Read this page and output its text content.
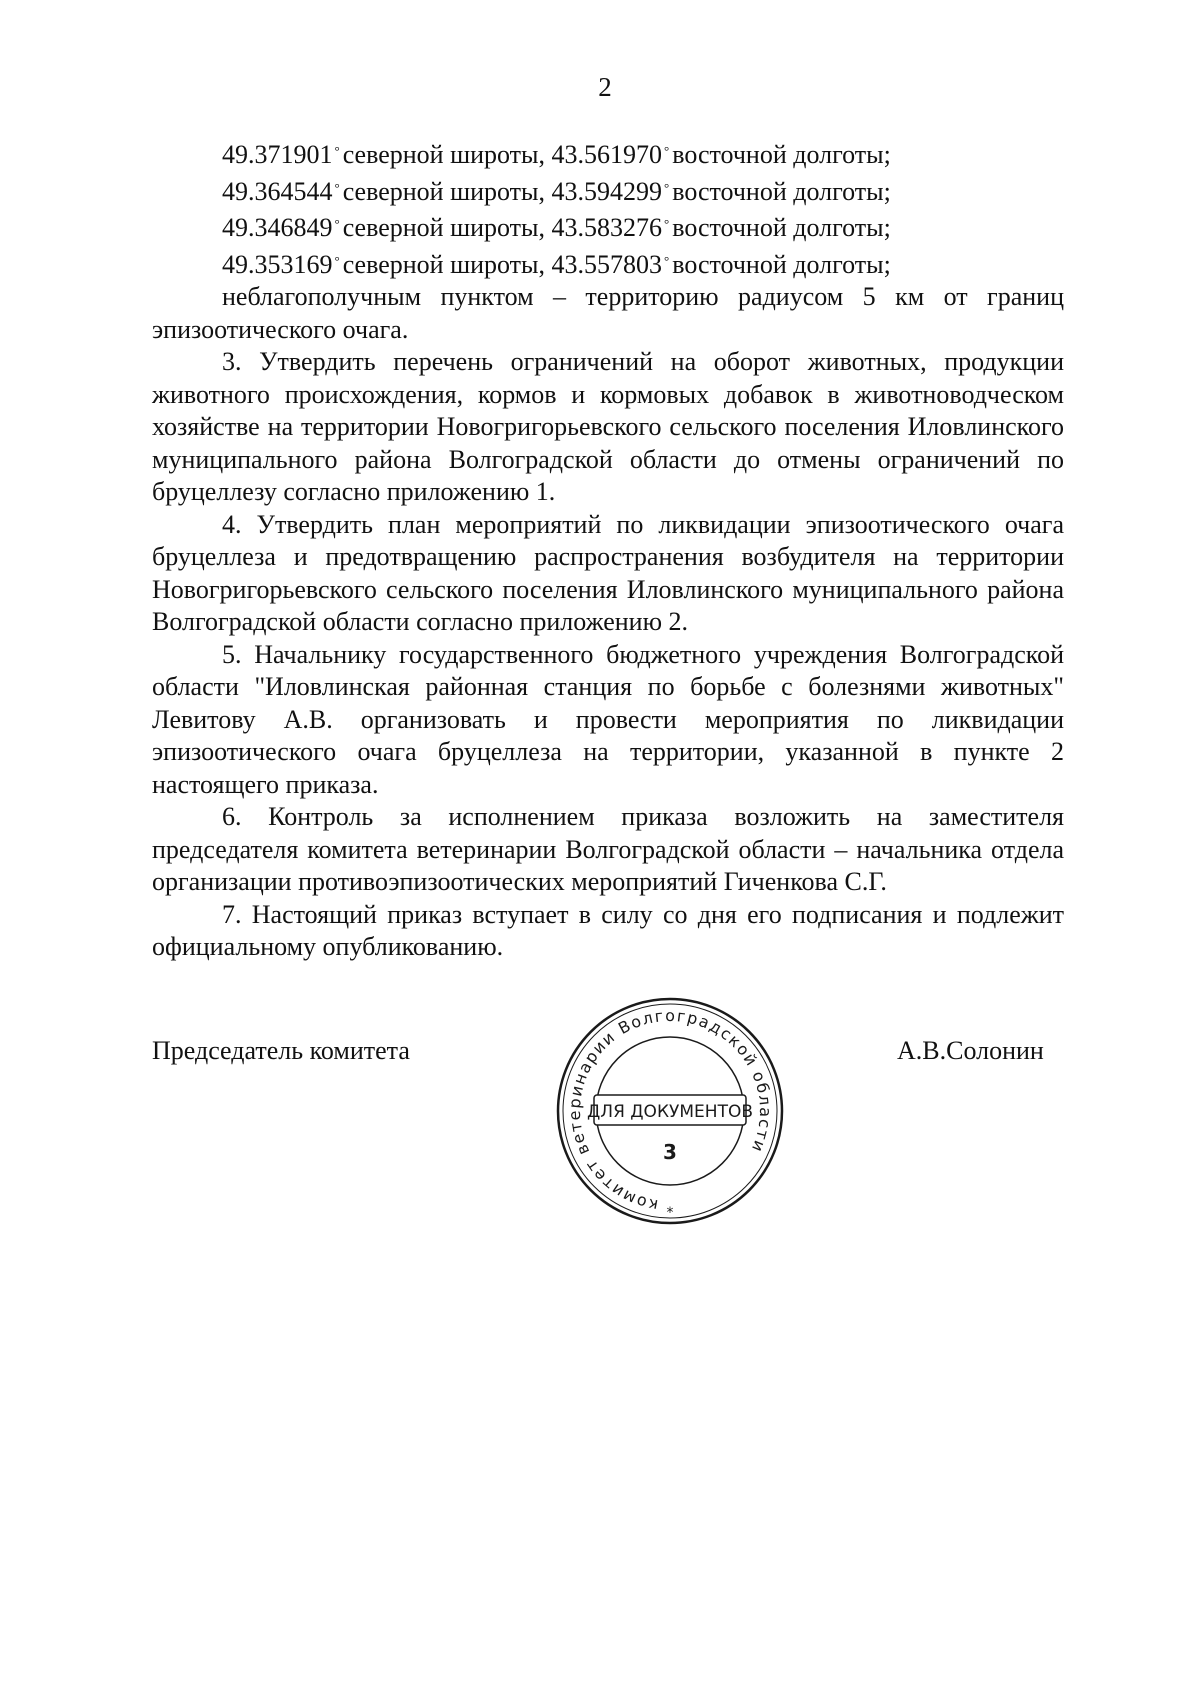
2

49.371901 ° северной широты, 43.561970 ° восточной долготы;

49.364544 ° северной широты, 43.594299 ° восточной долготы;

49.346849 ° северной широты, 43.583276 ° восточной долготы;

49.353169 ° северной широты, 43.557803 ° восточной долготы;

неблагополучным пунктом – территорию радиусом 5 км от границ эпизоотического очага.

3. Утвердить перечень ограничений на оборот животных, продукции животного происхождения, кормов и кормовых добавок в животноводческом хозяйстве на территории Новогригорьевского сельского поселения Иловлинского муниципального района Волгоградской области до отмены ограничений по бруцеллезу согласно приложению 1.

4. Утвердить план мероприятий по ликвидации эпизоотического очага бруцеллеза и предотвращению распространения возбудителя на территории Новогригорьевского сельского поселения Иловлинского муниципального района Волгоградской области согласно приложению 2.

5. Начальнику государственного бюджетного учреждения Волгоградской области "Иловлинская районная станция по борьбе с болезнями животных" Левитову А.В. организовать и провести мероприятия по ликвидации эпизоотического очага бруцеллеза на территории, указанной в пункте 2 настоящего приказа.

6. Контроль за исполнением приказа возложить на заместителя председателя комитета ветеринарии Волгоградской области – начальника отдела организации противоэпизоотических мероприятий Гиченкова С.Г.

7. Настоящий приказ вступает в силу со дня его подписания и подлежит официальному опубликованию.

Председатель комитета
комитет ветеринарии Волгоградской области
ДЛЯ ДОКУМЕНТОВ
3
*
А.В.Солонин
